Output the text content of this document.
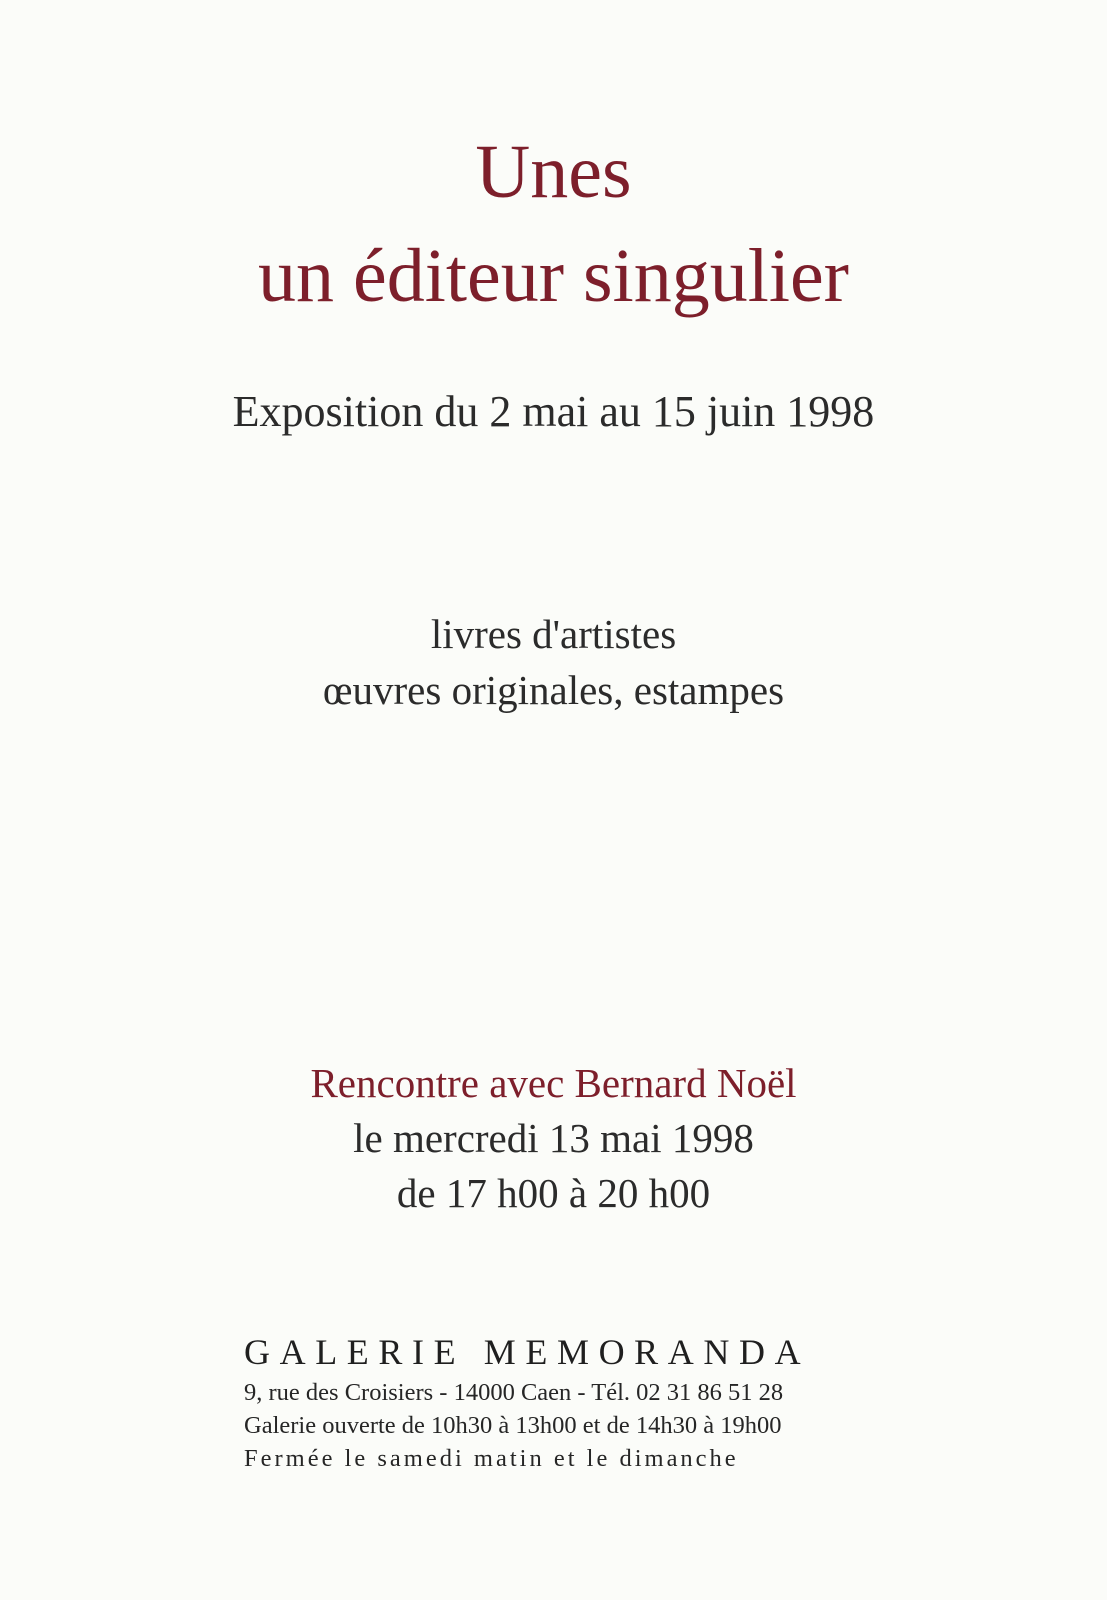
Unes
un éditeur singulier
Exposition du 2 mai au 15 juin 1998
livres d'artistes
œuvres originales, estampes
Rencontre avec Bernard Noël
le mercredi 13 mai 1998
de 17 h00 à 20 h00
GALERIE MEMORANDA
9, rue des Croisiers - 14000 Caen - Tél. 02 31 86 51 28
Galerie ouverte de 10h30 à 13h00 et de 14h30 à 19h00
Fermée le samedi matin et le dimanche
